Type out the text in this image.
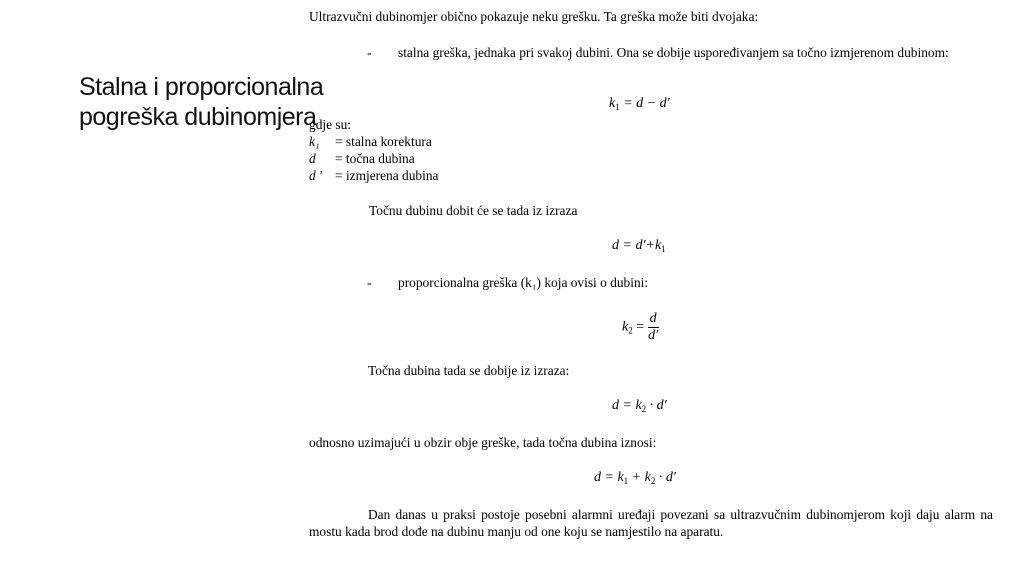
Stalna i proporcionalna
pogreška dubinomjera
Ultrazvučni dubinomjer obično pokazuje neku grešku. Ta greška može biti dvojaka:
- stalna greška, jednaka pri svakoj dubini. Ona se dobije uspoređivanjem sa točno izmjerenom dubinom:
$k_1 = d - d'$
gdje su:
k₁ = stalna korektura
d = točna dubina
d ′ = izmjerena dubina
Točnu dubinu dobit će se tada iz izraza
$d = d'+k_1$
- proporcionalna greška (k₁) koja ovisi o dubini:
$k_2 = \frac{d}{d'}$
Točna dubina tada se dobije iz izraza:
$d = k_2 \cdot d'$
odnosno uzimajući u obzir obje greške, tada točna dubina iznosi:
$d = k_1 + k_2 \cdot d'$
Dan danas u praksi postoje posebni alarmni uređaji povezani sa ultrazvučnim dubinomjerom koji daju alarm na mostu kada brod dođe na dubinu manju od one koju se namjestilo na aparatu.
